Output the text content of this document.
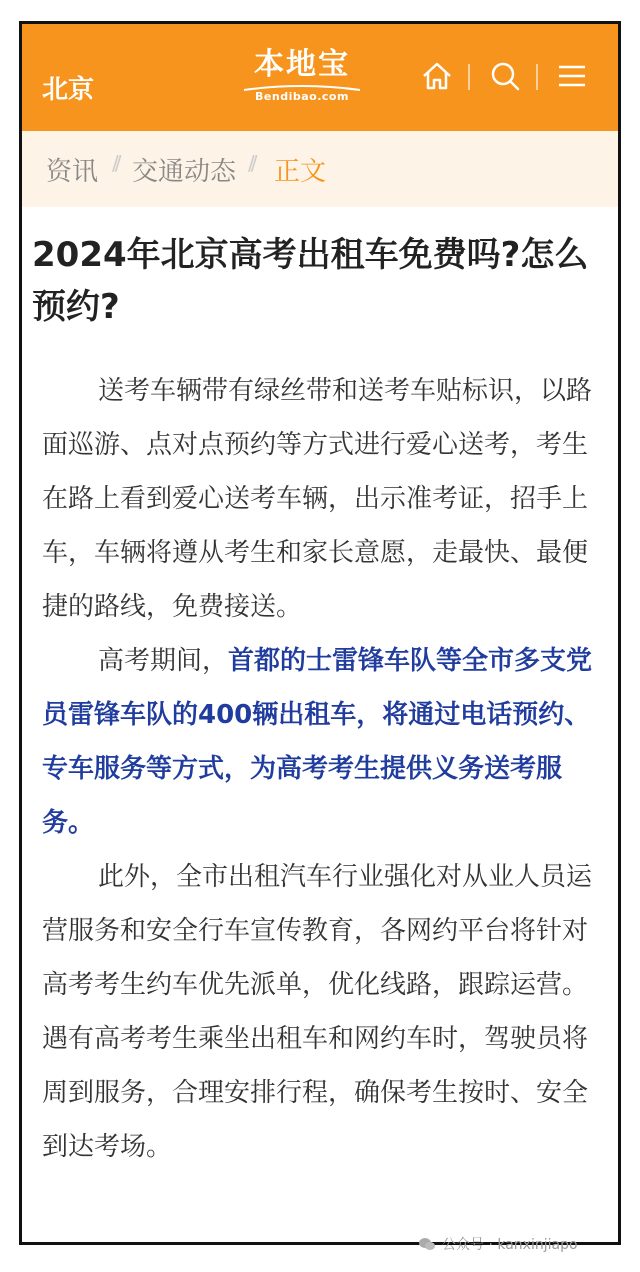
北京
本地宝
Bendibao.com
资讯 // 交通动态 // 正文
2024年北京高考出租车免费吗?怎么预约?

送考车辆带有绿丝带和送考车贴标识，以路面巡游、点对点预约等方式进行爱心送考，考生在路上看到爱心送考车辆，出示准考证，招手上车，车辆将遵从考生和家长意愿，走最快、最便捷的路线，免费接送。

高考期间，首都的士雷锋车队等全市多支党员雷锋车队的400辆出租车，将通过电话预约、专车服务等方式，为高考考生提供义务送考服务。

此外，全市出租汽车行业强化对从业人员运营服务和安全行车宣传教育，各网约平台将针对高考考生约车优先派单，优化线路，跟踪运营。遇有高考考生乘坐出租车和网约车时，驾驶员将周到服务，合理安排行程，确保考生按时、安全到达考场。

公众号 · kanxinjiapo
